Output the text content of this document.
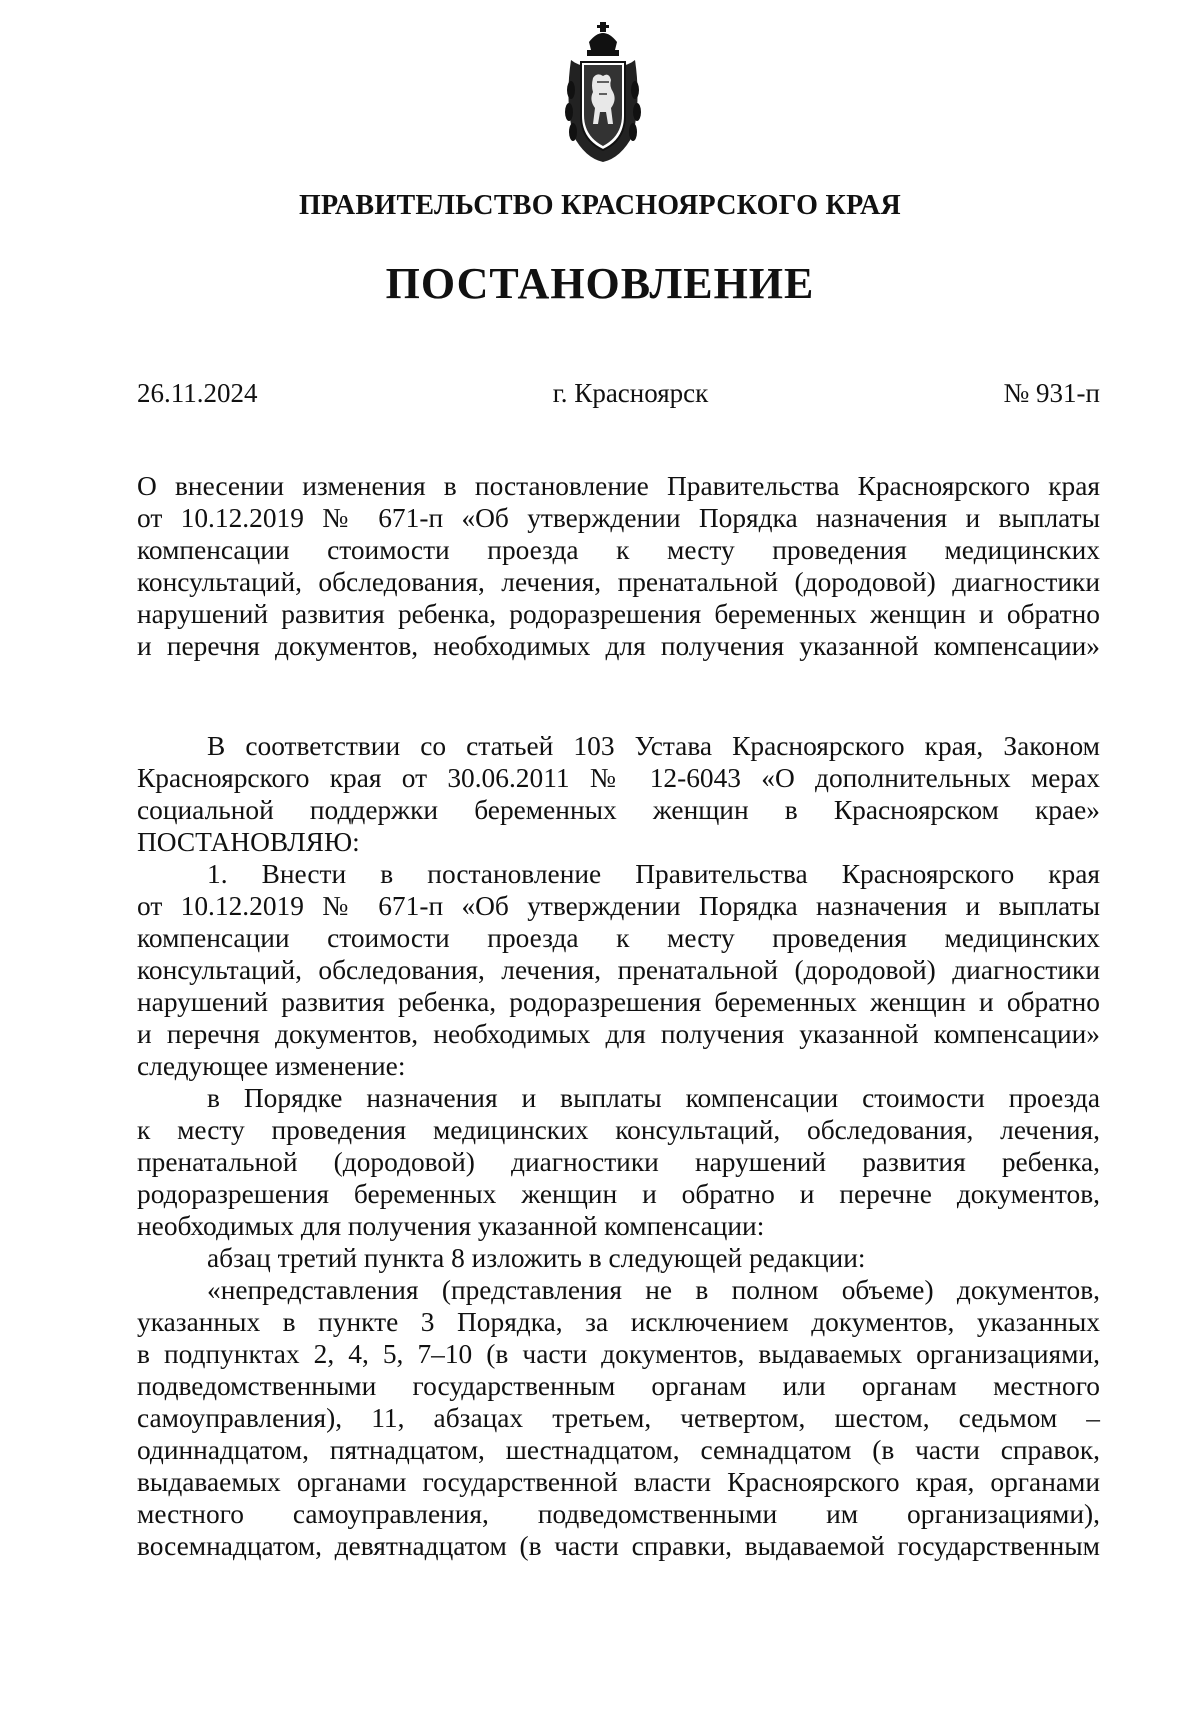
ПРАВИТЕЛЬСТВО КРАСНОЯРСКОГО КРАЯ
ПОСТАНОВЛЕНИЕ
26.11.2024	г. Красноярск	№ 931-п
О внесении изменения в постановление Правительства Красноярского края
от 10.12.2019 № 671-п «Об утверждении Порядка назначения и выплаты
компенсации стоимости проезда к месту проведения медицинских
консультаций, обследования, лечения, пренатальной (дородовой) диагностики
нарушений развития ребенка, родоразрешения беременных женщин и обратно
и перечня документов, необходимых для получения указанной компенсации»
В соответствии со статьей 103 Устава Красноярского края, Законом
Красноярского края от 30.06.2011 № 12-6043 «О дополнительных мерах
социальной поддержки беременных женщин в Красноярском крае»
ПОСТАНОВЛЯЮ:
1. Внести в постановление Правительства Красноярского края
от 10.12.2019 № 671-п «Об утверждении Порядка назначения и выплаты
компенсации стоимости проезда к месту проведения медицинских
консультаций, обследования, лечения, пренатальной (дородовой) диагностики
нарушений развития ребенка, родоразрешения беременных женщин и обратно
и перечня документов, необходимых для получения указанной компенсации»
следующее изменение:
в Порядке назначения и выплаты компенсации стоимости проезда
к месту проведения медицинских консультаций, обследования, лечения,
пренатальной (дородовой) диагностики нарушений развития ребенка,
родоразрешения беременных женщин и обратно и перечне документов,
необходимых для получения указанной компенсации:
абзац третий пункта 8 изложить в следующей редакции:
«непредставления (представления не в полном объеме) документов,
указанных в пункте 3 Порядка, за исключением документов, указанных
в подпунктах 2, 4, 5, 7–10 (в части документов, выдаваемых организациями,
подведомственными государственным органам или органам местного
самоуправления), 11, абзацах третьем, четвертом, шестом, седьмом –
одиннадцатом, пятнадцатом, шестнадцатом, семнадцатом (в части справок,
выдаваемых органами государственной власти Красноярского края, органами
местного самоуправления, подведомственными им организациями),
восемнадцатом, девятнадцатом (в части справки, выдаваемой государственным
